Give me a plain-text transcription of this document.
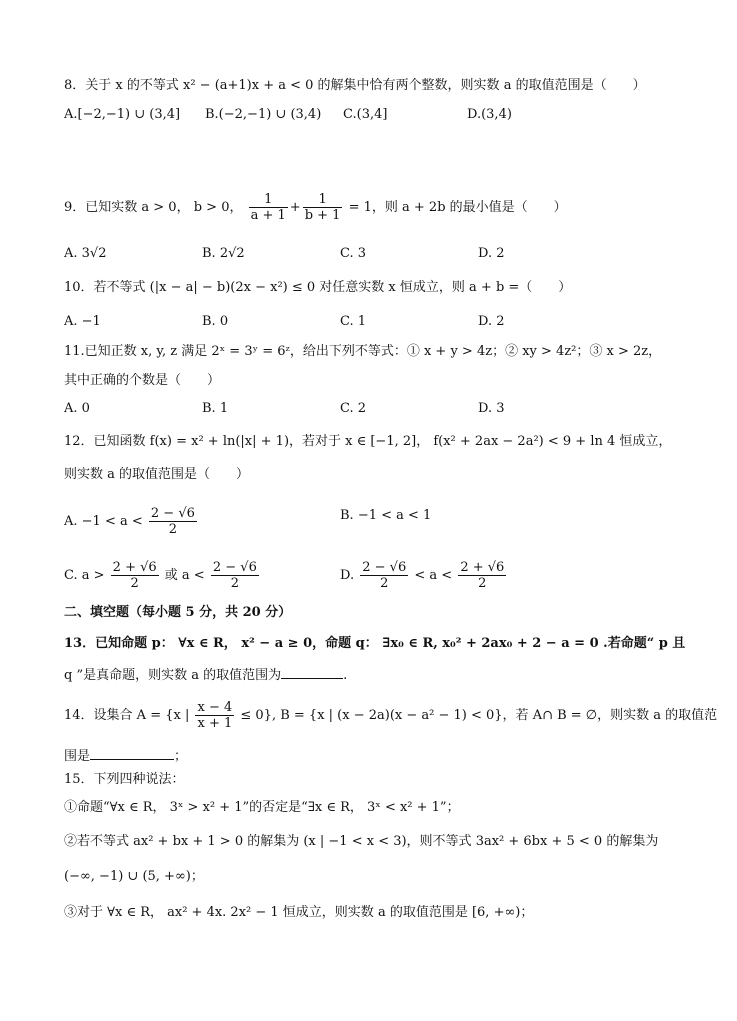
8．关于 x 的不等式 x² − (a+1)x + a < 0 的解集中恰有两个整数，则实数 a 的取值范围是（　　）
A.[−2,−1) ∪ (3,4] B.(−2,−1) ∪ (3,4) C.(3,4]	D.(3,4)
9．已知实数 a > 0， b > 0， $\frac{1}{a + 1} + \frac{1}{b + 1} = 1$，则 a + 2b 的最小值是（　　）
A. 3√2	B. 2√2	C. 3	D. 2
10．若不等式 (|x − a| − b)(2x − x²) ≤ 0 对任意实数 x 恒成立，则 a + b =（　　）
A. −1	B. 0	C. 1	D. 2
11.已知正数 x, y, z 满足 2ˣ = 3ʸ = 6ᶻ，给出下列不等式：① x + y > 4z；② xy > 4z²；③ x > 2z，
其中正确的个数是（　　）
A. 0	B. 1	C. 2	D. 3
12．已知函数 f(x) = x² + ln(|x| + 1)，若对于 x ∈ [−1, 2]， f(x² + 2ax − 2a²) < 9 + ln 4 恒成立，
则实数 a 的取值范围是（　　）
A. $-1 < a < \frac{2 - √6}{2}$	B. −1 < a < 1
C. $a > \frac{2 + √6}{2}$ 或 $a < \frac{2 - √6}{2}$	D. $\frac{2 - √6}{2} < a < \frac{2 + √6}{2}$
二、填空题（每小题 5 分，共 20 分）
13．已知命题 p： ∀x ∈ R， x² − a ≥ 0，命题 q： ∃x₀ ∈ R, x₀² + 2ax₀ + 2 − a = 0 .若命题“ p 且
q ”是真命题，则实数 a 的取值范围为	.
14．设集合 A = {x | $\frac{x - 4}{x + 1} \le 0$}, B = {x | (x − 2a)(x − a² − 1) < 0}，若 A∩ B = ∅，则实数 a 的取值范
围是	；
15．下列四种说法：
①命题“∀x ∈ R， 3ˣ > x² + 1”的否定是“∃x ∈ R， 3ˣ < x² + 1”；
②若不等式 ax² + bx + 1 > 0 的解集为 (x | −1 < x < 3)，则不等式 3ax² + 6bx + 5 < 0 的解集为
(−∞, −1) ∪ (5, +∞)；
③对于 ∀x ∈ R， ax² + 4x. 2x² − 1 恒成立，则实数 a 的取值范围是 [6, +∞)；
